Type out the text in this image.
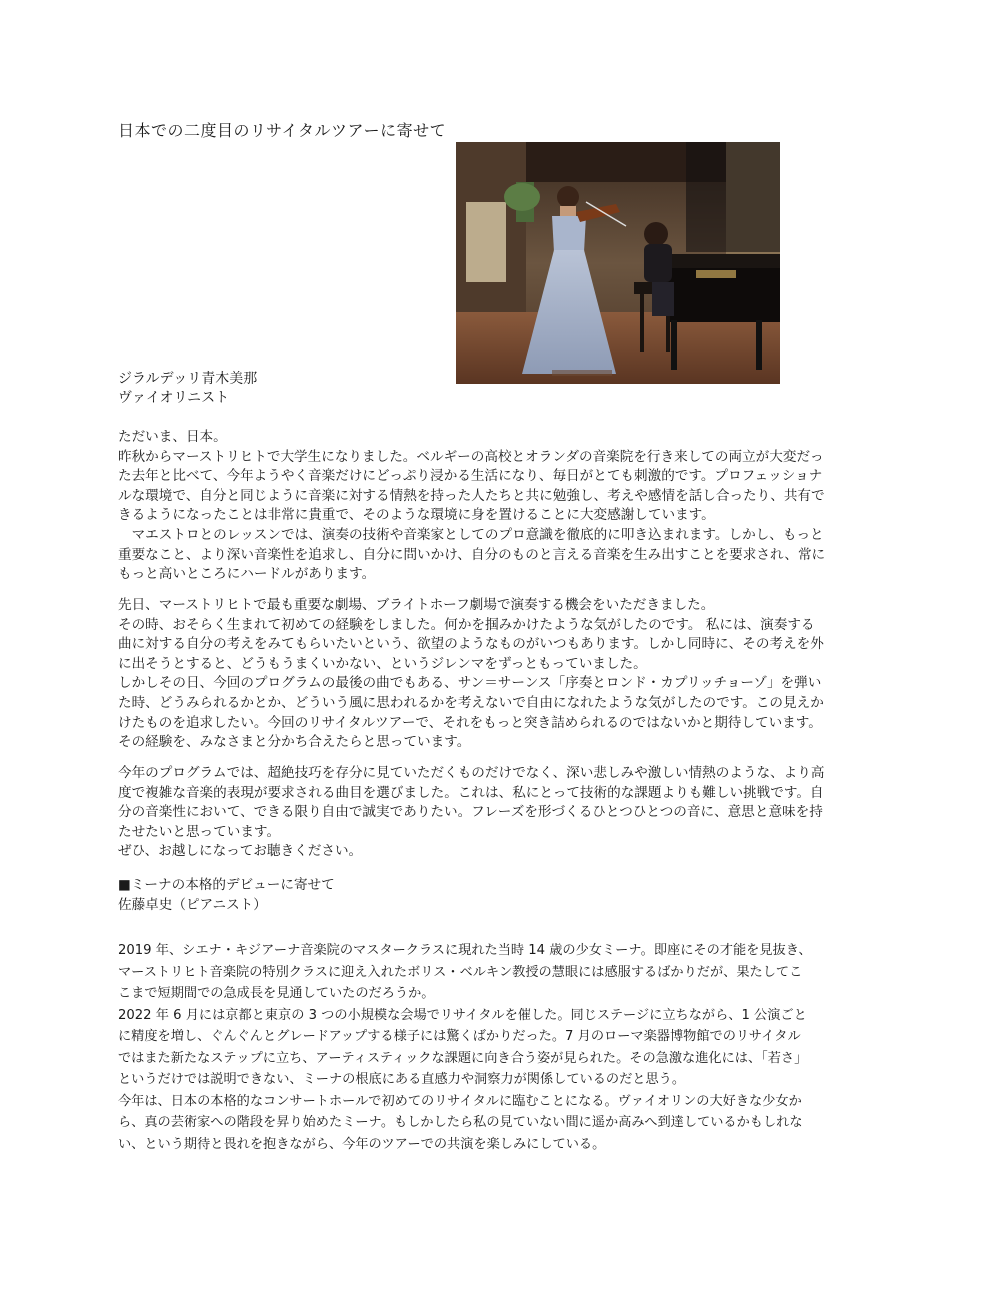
日本での二度目のリサイタルツアーに寄せて
ジラルデッリ青木美那
ヴァイオリニスト

ただいま、日本。

昨秋からマーストリヒトで大学生になりました。ベルギーの高校とオランダの音楽院を行き来しての両立が大変だっ

た去年と比べて、今年ようやく音楽だけにどっぷり浸かる生活になり、毎日がとても刺激的です。プロフェッショナ

ルな環境で、自分と同じように音楽に対する情熱を持った人たちと共に勉強し、考えや感情を話し合ったり、共有で

きるようになったことは非常に貴重で、そのような環境に身を置けることに大変感謝しています。

　マエストロとのレッスンでは、演奏の技術や音楽家としてのプロ意識を徹底的に叩き込まれます。しかし、もっと

重要なこと、より深い音楽性を追求し、自分に問いかけ、自分のものと言える音楽を生み出すことを要求され、常に

もっと高いところにハードルがあります。

先日、マーストリヒトで最も重要な劇場、ブライトホーフ劇場で演奏する機会をいただきました。

その時、おそらく生まれて初めての経験をしました。何かを掴みかけたような気がしたのです。 私には、演奏する

曲に対する自分の考えをみてもらいたいという、欲望のようなものがいつもあります。しかし同時に、その考えを外

に出そうとすると、どうもうまくいかない、というジレンマをずっともっていました。

しかしその日、今回のプログラムの最後の曲でもある、サン＝サーンス「序奏とロンド・カプリッチョーゾ」を弾い

た時、どうみられるかとか、どういう風に思われるかを考えないで自由になれたような気がしたのです。この見えか

けたものを追求したい。今回のリサイタルツアーで、それをもっと突き詰められるのではないかと期待しています。

その経験を、みなさまと分かち合えたらと思っています。

今年のプログラムでは、超絶技巧を存分に見ていただくものだけでなく、深い悲しみや激しい情熱のような、より高

度で複雑な音楽的表現が要求される曲目を選びました。これは、私にとって技術的な課題よりも難しい挑戦です。自

分の音楽性において、できる限り自由で誠実でありたい。フレーズを形づくるひとつひとつの音に、意思と意味を持

たせたいと思っています。

ぜひ、お越しになってお聴きください。

■ミーナの本格的デビューに寄せて

佐藤卓史（ピアニスト）

2019 年、シエナ・キジアーナ音楽院のマスタークラスに現れた当時 14 歳の少女ミーナ。即座にその才能を見抜き、

マーストリヒト音楽院の特別クラスに迎え入れたボリス・ベルキン教授の慧眼には感服するばかりだが、果たしてこ

こまで短期間での急成長を見通していたのだろうか。

2022 年 6 月には京都と東京の 3 つの小規模な会場でリサイタルを催した。同じステージに立ちながら、1 公演ごと

に精度を増し、ぐんぐんとグレードアップする様子には驚くばかりだった。7 月のローマ楽器博物館でのリサイタル

ではまた新たなステップに立ち、アーティスティックな課題に向き合う姿が見られた。その急激な進化には、「若さ」

というだけでは説明できない、ミーナの根底にある直感力や洞察力が関係しているのだと思う。

今年は、日本の本格的なコンサートホールで初めてのリサイタルに臨むことになる。ヴァイオリンの大好きな少女か

ら、真の芸術家への階段を昇り始めたミーナ。もしかしたら私の見ていない間に遥か高みへ到達しているかもしれな

い、という期待と畏れを抱きながら、今年のツアーでの共演を楽しみにしている。
